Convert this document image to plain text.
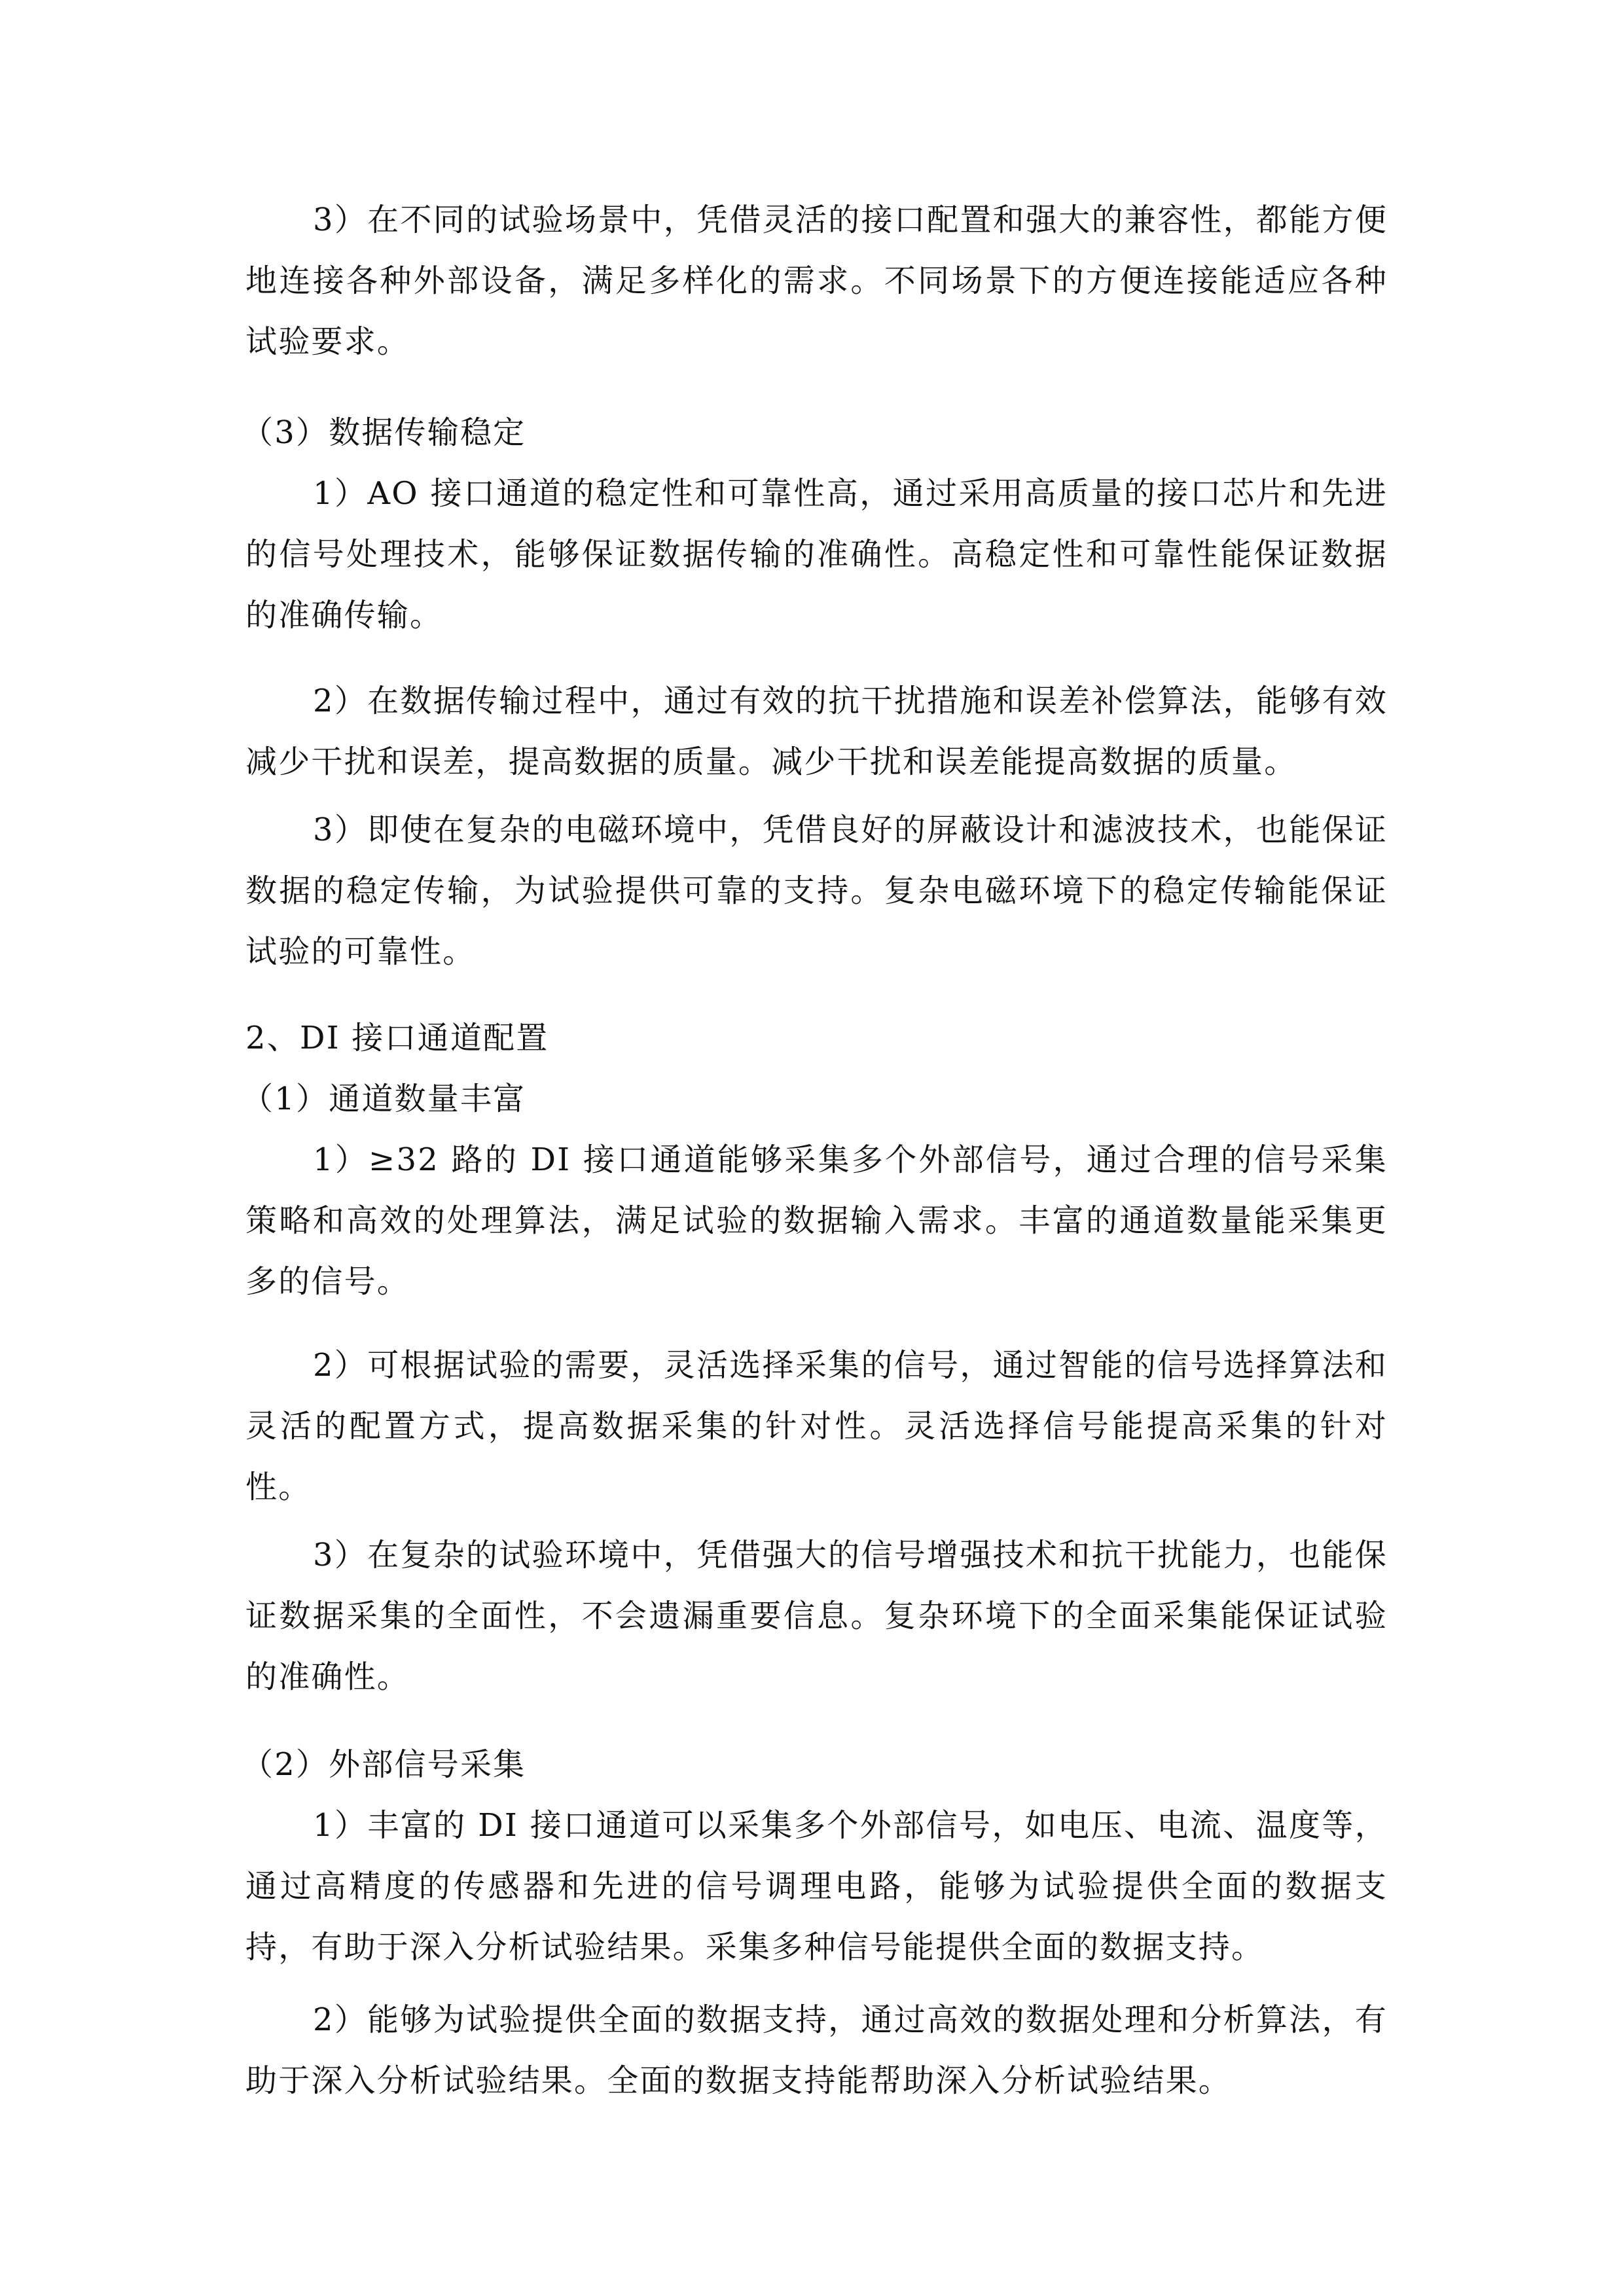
3）在不同的试验场景中，凭借灵活的接口配置和强大的兼容性，都能方便地连接各种外部设备，满足多样化的需求。不同场景下的方便连接能适应各种试验要求。
（3）数据传输稳定
1）AO 接口通道的稳定性和可靠性高，通过采用高质量的接口芯片和先进的信号处理技术，能够保证数据传输的准确性。高稳定性和可靠性能保证数据的准确传输。
2）在数据传输过程中，通过有效的抗干扰措施和误差补偿算法，能够有效减少干扰和误差，提高数据的质量。减少干扰和误差能提高数据的质量。
3）即使在复杂的电磁环境中，凭借良好的屏蔽设计和滤波技术，也能保证数据的稳定传输，为试验提供可靠的支持。复杂电磁环境下的稳定传输能保证试验的可靠性。
2、DI 接口通道配置
（1）通道数量丰富
1）≥32 路的 DI 接口通道能够采集多个外部信号，通过合理的信号采集策略和高效的处理算法，满足试验的数据输入需求。丰富的通道数量能采集更多的信号。
2）可根据试验的需要，灵活选择采集的信号，通过智能的信号选择算法和灵活的配置方式，提高数据采集的针对性。灵活选择信号能提高采集的针对性。
3）在复杂的试验环境中，凭借强大的信号增强技术和抗干扰能力，也能保证数据采集的全面性，不会遗漏重要信息。复杂环境下的全面采集能保证试验的准确性。
（2）外部信号采集
1）丰富的 DI 接口通道可以采集多个外部信号，如电压、电流、温度等，通过高精度的传感器和先进的信号调理电路，能够为试验提供全面的数据支持，有助于深入分析试验结果。采集多种信号能提供全面的数据支持。
2）能够为试验提供全面的数据支持，通过高效的数据处理和分析算法，有助于深入分析试验结果。全面的数据支持能帮助深入分析试验结果。
